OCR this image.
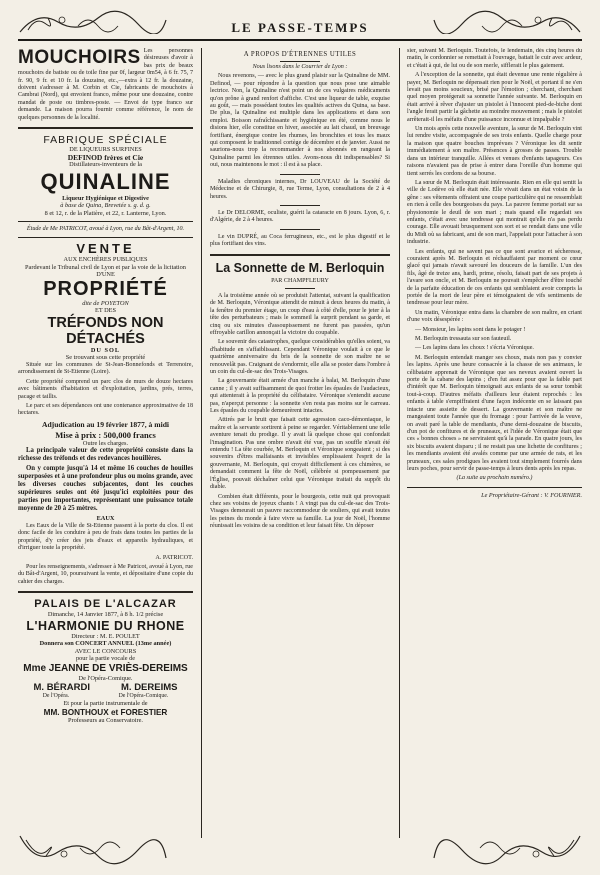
LE PASSE-TEMPS
MOUCHOIRS Les personnes désireuses d'avoir à bas prix de beaux mouchoirs de batiste ou de toile fine par 0f, largeur 0m54, à 6 fr. 75, 7 fr. 90, 9 fr. et 10 fr. la douzaine, etc.,—extra à 12 fr. la douzaine, doivent s'adresser à M. Corbin et Cie, fabricants de mouchoirs à Cambrai (Nord), qui envoient franco, même pour une douzaine, contre mandat de poste ou timbres-poste. — Envoi de type franco sur demande. La maison pourra fournir comme référence, le nom de quelques personnes de la localité.
FABRIQUE SPÉCIALE
DE LIQUEURS SURFINES
DEFINOD frères et Cie
Distillateurs-inventeurs de la
QUINALINE
Liqueur Hygiénique et Digestive
à base de Quina, Brevetée s. g. d. g.
8 et 12, r. de la Platière, et 22, r. Lanterne, Lyon.

Étude de Me PATRICOT, avoué à Lyon, rue du Bât-d'Argent, 10.

VENTE
AUX ENCHÈRES PUBLIQUES
Pardevant le Tribunal civil de Lyon et par la voie de la licitation
D'UNE
PROPRIÉTÉ
dite de POYETON
ET DES
TRÉFONDS NON DÉTACHÉS
DU SOL
Se trouvant sous cette propriété

Située sur les communes de St-Jean-Bonnefonds et Terrenoire, arrondissement de St-Etienne (Loire).

Cette propriété comprend un parc clos de murs de douze hectares avec bâtiments d'habitation et d'exploitation, jardins, prés, terres, pacage et taillis.

Le parc et ses dépendances ont une contenance approximative de 18 hectares.

Adjudication au 19 février 1877, à midi
Mise à prix : 500,000 francs
Outre les charges.

La principale valeur de cette propriété consiste dans la richesse des tréfonds et des redevances houillères.

On y compte jusqu'à 14 et même 16 couches de houilles superposées et à une profondeur plus ou moins grande, avec les diverses couches subjacentes, dont les couches supérieures seules ont été jusqu'ici exploitées pour des parties peu importantes, représentant une puissance totale moyenne de 20 à 25 mètres.

EAUX

Les Eaux de la Ville de St-Etienne passent à la porte du clos. Il est donc facile de les conduire à peu de frais dans toutes les parties de la propriété, d'y créer des jets d'eaux et appareils hydrauliques, et d'irriguer toute la propriété.

A. PATRICOT.

Pour les renseignements, s'adresser à Me Patricot, avoué à Lyon, rue du Bât-d'Argent, 10, poursuivant la vente, et dépositaire d'une copie du cahier des charges.

PALAIS DE L'ALCAZAR
Dimanche, 14 Janvier 1877, à 8 h. 1/2 précise
L'HARMONIE DU RHONE
Directeur : M. E. POULET
Donnera son CONCERT ANNUEL (13me année)
AVEC LE CONCOURS
pour la partie vocale de
Mme JEANNE DE VRIÈS-DEREIMS
De l'Opéra-Comique.
M. BÉRARDI	M. DEREIMS
De l'Opéra.	De l'Opéra-Comique.
Et pour la partie instrumentale de
MM. BONTHOUX et FORESTIER
Professeurs au Conservatoire.
A PROPOS D'ÉTRENNES UTILES

Nous lisons dans le Courrier de Lyon :

Nous revenons, — avec le plus grand plaisir sur la Quinaline de MM. Definod, — pour répondre à la question que nous pose une aimable lectrice. Non, la Quinaline n'est point un de ces vulgaires médicaments qu'on prône à grand renfort d'affiche. C'est une liqueur de table, exquise au goût, — mais possédant toutes les qualités actives du Quina, sa base. De plus, la Quinaline est multiple dans les applications et dans son emploi. Boisson rafraîchissante et hygiénique en été, comme nous le disions hier, elle constitue en hiver, associée au lait chaud, un breuvage fortifiant, énergique contre les rhumes, les bronchites et tous les maux qui composent le traditionnel cortège de décembre et de janvier. Aussi ne saurions-nous trop la recommander à nos abonnés en rangeant la Quinaline parmi les étrennes utiles. Avons-nous dit indispensables? Si oui, nous maintenons le mot : il est à sa place.

Maladies chroniques internes, Dr LOUVEAU de la Société de Médecine et de Chirurgie, 8, rue Terme, Lyon, consultations de 2 à 4 heures.

Le Dr DELORME, oculiste, guérit la cataracte en 8 jours. Lyon, 6, r. d'Algérie, de 2 à 4 heures.

Le vin DUPRÉ, au Coca ferrugineux, etc., est le plus digestif et le plus fortifiant des vins.

La Sonnette de M. Berloquin

PAR CHAMPFLEURY

A la troisième année où se produisit l'attentat, suivant la qualification de M. Berloquin, Véronique attendit de minuit à deux heures du matin, à la fenêtre du premier étage, un coup d'eau à côté d'elle, pour le jeter à la tête des perturbateurs ; mais le sommeil la surprit pendant sa garde, et cinq ou six minutes d'assoupissement ne furent pas passées, qu'un effroyable carillon annonçait la victoire du coupable.

Le souvenir des catastrophes, quelque considérables qu'elles soient, va d'habitude en s'affaiblissant. Cependant Véronique voulait à ce que le quatrième anniversaire du bris de la sonnette de son maître ne se renouvelât pas. Craignant de s'endormir, elle alla se poster dans l'ombre à un coin du cul-de-sac des Trois-Visages.

La gouvernante était armée d'un manche à balai, M. Berloquin d'une canne ; il y avait suffisamment de quoi frotter les épaules de l'audacieux, qui attenterait à la propriété du célibataire. Véronique s'entendit aucune pas, n'aperçut personne : la sonnette s'en resta pas moins sur le carreau. Les épaules du coupable demeurèrent intactes.

Attirés par le bruit que faisait cette agression caco-démoniaque, le maître et la servante sortirent à peine se regarder. Véritablement une telle aventure tenait du prodige. Il y avait là quelque chose qui confondait l'imagination. Pas une ombre n'avait été vue, pas un souffle n'avait été entendu ! La tête courbée, M. Berloquin et Véronique songeaient ; si des souvenirs d'êtres malfaisants et invisibles emplissaient l'esprit de la gouvernante, M. Berloquin, qui croyait difficilement à ces chimères, se demandait comment la fête de Noël, célébrée si pompeusement par l'Église, pouvait déchaîner celui que Véronique traitait du suppôt du diable.

Combien était différents, pour le bourgeois, cette nuit qui provoquait chez ses voisins de joyeux chants ! A vingt pas du cul-de-sac des Trois-Visages demeurait un pauvre raccommodeur de souliers, qui avait toutes les peines du monde à faire vivre sa famille. La jour de Noël, l'homme réunissait les voisins de sa condition et leur faisait fête. Un déposer

sier, suivant M. Berloquin. Toutefois, le lendemain, dès cinq heures du matin, le cordonnier se remettait à l'ouvrage, battait le cuir avec ardeur, et c'était à qui, de lui ou de son merle, sifflerait le plus gaiement.

A l'exception de la sonnette, qui était devenue une rente régulière à payer, M. Berloquin ne dépensait rien pour le Noël, et portant il ne s'en levait pas moins soucieux, brisé par l'émotion ; cherchant, cherchant quel moyen protégerait sa sonnette l'année suivante. M. Berloquin en était arrivé à rêver d'ajuster un pistolet à l'innocent pied-de-biche dont l'angle ferait partir la gâchette au moindre mouvement ; mais le pistolet arrêterait-il les méfaits d'une puissance inconnue et impalpable ?

Un mois après cette nouvelle aventure, la sœur de M. Berloquin vint lui rendre visite, accompagnée de ses trois enfants. Quelle charge pour la maison que quatre bouches imprévues ? Véronique les dit sentir immédiatement à son maître. Présences à grosses de passes. Trouble dans un intérieur tranquille. Allées et venues d'enfants tapageurs. Ces raisons n'avaient pas de prise à entrer dans l'oreille d'un homme qui tient serrés les cordons de sa bourse.

La sœur de M. Berloquin était intéressante. Rien en elle qui sentit la ville de Lodève où elle était née. Elle vivait dans un état voisin de la gêne : ses vêtements offraient une coupe particulière qui ne ressemblait en rien à celle des bourgeoises du pays. La pauvre femme portait sur sa physionomie le deuil de son mari ; mais quand elle regardait ses enfants, c'était avec une tendresse qui montrait qu'elle n'a pas perdu courage. Elle avouait brusquement son sort et se rendait dans une ville du Midi où sa fabricant, ami de son mari, l'appelait pour l'attacher à son industrie.

Les enfants, qui ne savent pas ce que sont avarice et sécheresse, couraient après M. Berloquin et réchauffaient par moment ce cœur glacé qui jamais n'avait savouré les douceurs de la famille. L'un des fils, âgé de treize ans, hardi, prime, résolu, faisait part de ses projets à l'avare son oncle, et M. Berloquin ne pouvait s'empêcher d'être touché de la parfaite éducation de ces enfants qui semblaient avoir compris la portée de la mort de leur père et témoignaient de vifs sentiments de tendresse pour leur mère.

Un matin, Véronique entra dans la chambre de son maître, en criant d'une voix désespérée :

— Monsieur, les lapins sont dans le potager !

M. Berloquin tressauta sur son fauteuil.

— Les lapins dans les choux ! s'écria Véronique.

M. Berloquin entendait manger ses choux, mais non pas y convier les lapins. Après une heure consacrée à la chasse de ses animaux, le célibataire apprenait de Véronique que ses neveux avaient ouvert la porte de la cabane des lapins ; d'en fut assez pour que la faible part d'intérêt que M. Berloquin témoignait aux enfants de sa sœur tombât tout-à-coup. D'autres méfaits d'ailleurs leur étaient reprochés : les enfants à table s'empiffraient d'une façon indécente en se laissant pas intacte une assiette de dessert. La gouvernante et son maître ne mangeaient toute l'année que du fromage : pour l'arrivée de la veuve, on avait paré la table de mendiants, d'une demi-douzaine de biscuits, d'un pot de confitures et de pruneaux, et l'idée de Véronique était que ces « bonnes choses » ne serviraient qu'à la parade. En quatre jours, les six biscuits avaient disparu ; il ne restait pas une lichette de confitures ; les mendiants avaient été avalés comme par une armée de rats, et les pruneaux, ces sales prodigues les avaient tout simplement fourrés dans leurs poches, pour servir de passe-temps à leurs dents après les repas.

(La suite au prochain numéro.)

Le Propriétaire-Gérant : V. FOURNIER.
